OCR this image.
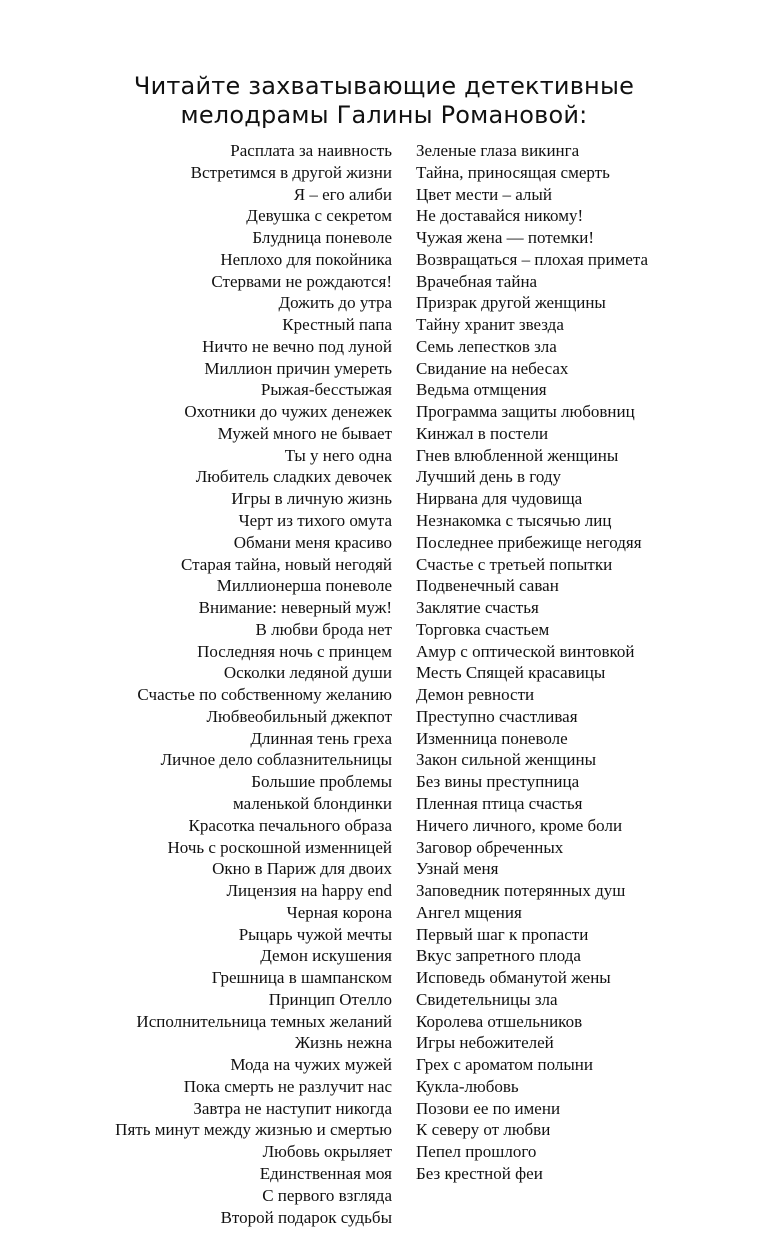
Читайте захватывающие детективные
мелодрамы Галины Романовой:
Расплата за наивность
Встретимся в другой жизни
Я – его алиби
Девушка с секретом
Блудница поневоле
Неплохо для покойника
Стервами не рождаются!
Дожить до утра
Крестный папа
Ничто не вечно под луной
Миллион причин умереть
Рыжая-бесстыжая
Охотники до чужих денежек
Мужей много не бывает
Ты у него одна
Любитель сладких девочек
Игры в личную жизнь
Черт из тихого омута
Обмани меня красиво
Старая тайна, новый негодяй
Миллионерша поневоле
Внимание: неверный муж!
В любви брода нет
Последняя ночь с принцем
Осколки ледяной души
Счастье по собственному желанию
Любвеобильный джекпот
Длинная тень греха
Личное дело соблазнительницы
Большие проблемы
маленькой блондинки
Красотка печального образа
Ночь с роскошной изменницей
Окно в Париж для двоих
Лицензия на happy end
Черная корона
Рыцарь чужой мечты
Демон искушения
Грешница в шампанском
Принцип Отелло
Исполнительница темных желаний
Жизнь нежна
Мода на чужих мужей
Пока смерть не разлучит нас
Завтра не наступит никогда
Пять минут между жизнью и смертью
Любовь окрыляет
Единственная моя
С первого взгляда
Второй подарок судьбы
Зеленые глаза викинга
Тайна, приносящая смерть
Цвет мести – алый
Не доставайся никому!
Чужая жена — потемки!
Возвращаться – плохая примета
Врачебная тайна
Призрак другой женщины
Тайну хранит звезда
Семь лепестков зла
Свидание на небесах
Ведьма отмщения
Программа защиты любовниц
Кинжал в постели
Гнев влюбленной женщины
Лучший день в году
Нирвана для чудовища
Незнакомка с тысячью лиц
Последнее прибежище негодяя
Счастье с третьей попытки
Подвенечный саван
Заклятие счастья
Торговка счастьем
Амур с оптической винтовкой
Месть Спящей красавицы
Демон ревности
Преступно счастливая
Изменница поневоле
Закон сильной женщины
Без вины преступница
Пленная птица счастья
Ничего личного, кроме боли
Заговор обреченных
Узнай меня
Заповедник потерянных душ
Ангел мщения
Первый шаг к пропасти
Вкус запретного плода
Исповедь обманутой жены
Свидетельницы зла
Королева отшельников
Игры небожителей
Грех с ароматом полыни
Кукла-любовь
Позови ее по имени
К северу от любви
Пепел прошлого
Без крестной феи
